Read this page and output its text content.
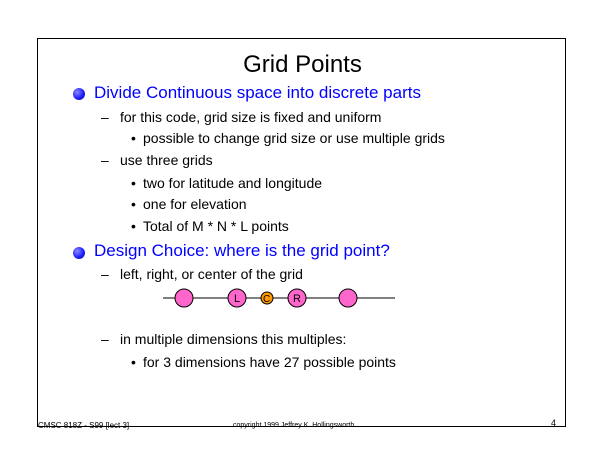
Grid Points
Divide Continuous space into discrete parts
– for this code, grid size is fixed and uniform
• possible to change grid size or use multiple grids
– use three grids
• two for latitude and longitude
• one for elevation
• Total of M * N * L points
Design Choice: where is the grid point?
– left, right, or center of the grid
L C R
– in multiple dimensions this multiples:
• for 3 dimensions have 27 possible points
CMSC 818Z - S99 [lect 3]	copyright 1999 Jeffrey K. Hollingsworth	4
